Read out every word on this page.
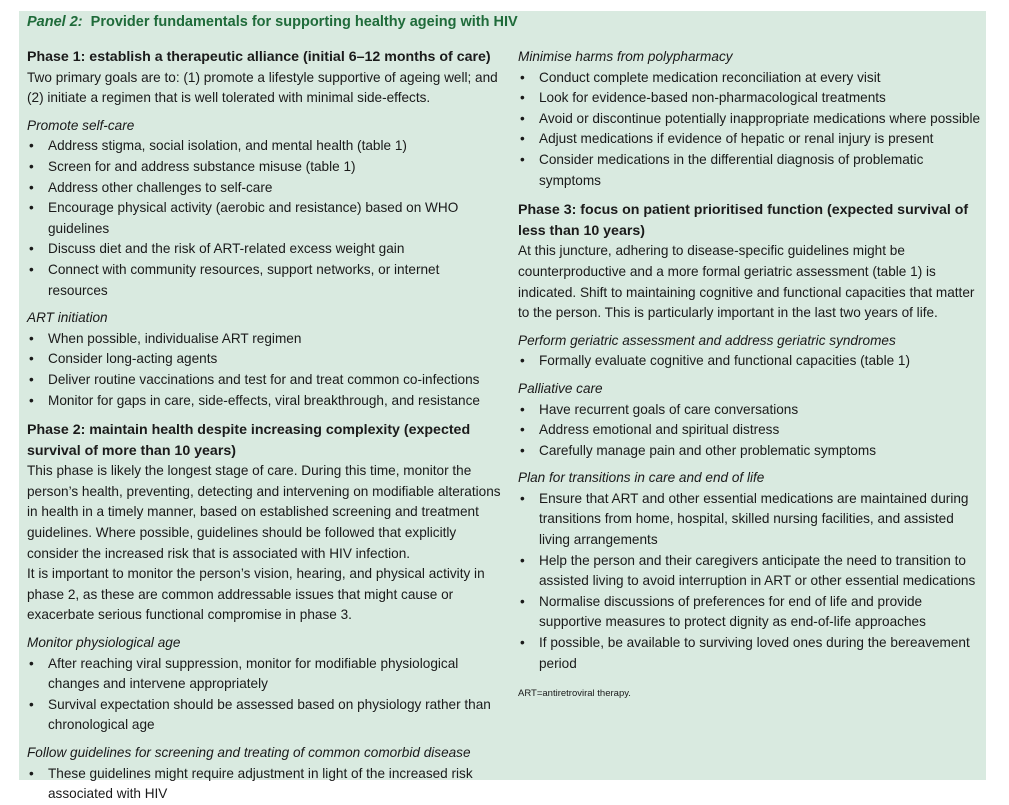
Panel 2: Provider fundamentals for supporting healthy ageing with HIV
Phase 1: establish a therapeutic alliance (initial 6–12 months of care)

Two primary goals are to: (1) promote a lifestyle supportive of ageing well; and (2) initiate a regimen that is well tolerated with minimal side-effects.

Promote self-care
• Address stigma, social isolation, and mental health (table 1)
• Screen for and address substance misuse (table 1)
• Address other challenges to self-care
• Encourage physical activity (aerobic and resistance) based on WHO guidelines
• Discuss diet and the risk of ART-related excess weight gain
• Connect with community resources, support networks, or internet resources
ART initiation
• When possible, individualise ART regimen
• Consider long-acting agents
• Deliver routine vaccinations and test for and treat common co-infections
• Monitor for gaps in care, side-effects, viral breakthrough, and resistance
Phase 2: maintain health despite increasing complexity (expected survival of more than 10 years)

This phase is likely the longest stage of care. During this time, monitor the person’s health, preventing, detecting and intervening on modifiable alterations in health in a timely manner, based on established screening and treatment guidelines. Where possible, guidelines should be followed that explicitly consider the increased risk that is associated with HIV infection.

It is important to monitor the person’s vision, hearing, and physical activity in phase 2, as these are common addressable issues that might cause or exacerbate serious functional compromise in phase 3.

Monitor physiological age
• After reaching viral suppression, monitor for modifiable physiological changes and intervene appropriately
• Survival expectation should be assessed based on physiology rather than chronological age
Follow guidelines for screening and treating of common comorbid disease
• These guidelines might require adjustment in light of the increased risk associated with HIV
Minimise harms from polypharmacy
• Conduct complete medication reconciliation at every visit
• Look for evidence-based non-pharmacological treatments
• Avoid or discontinue potentially inappropriate medications where possible
• Adjust medications if evidence of hepatic or renal injury is present
• Consider medications in the differential diagnosis of problematic symptoms
Phase 3: focus on patient prioritised function (expected survival of less than 10 years)

At this juncture, adhering to disease-specific guidelines might be counterproductive and a more formal geriatric assessment (table 1) is indicated. Shift to maintaining cognitive and functional capacities that matter to the person. This is particularly important in the last two years of life.

Perform geriatric assessment and address geriatric syndromes
• Formally evaluate cognitive and functional capacities (table 1)
Palliative care
• Have recurrent goals of care conversations
• Address emotional and spiritual distress
• Carefully manage pain and other problematic symptoms
Plan for transitions in care and end of life
• Ensure that ART and other essential medications are maintained during transitions from home, hospital, skilled nursing facilities, and assisted living arrangements
• Help the person and their caregivers anticipate the need to transition to assisted living to avoid interruption in ART or other essential medications
• Normalise discussions of preferences for end of life and provide supportive measures to protect dignity as end-of-life approaches
• If possible, be available to surviving loved ones during the bereavement period
ART=antiretroviral therapy.
